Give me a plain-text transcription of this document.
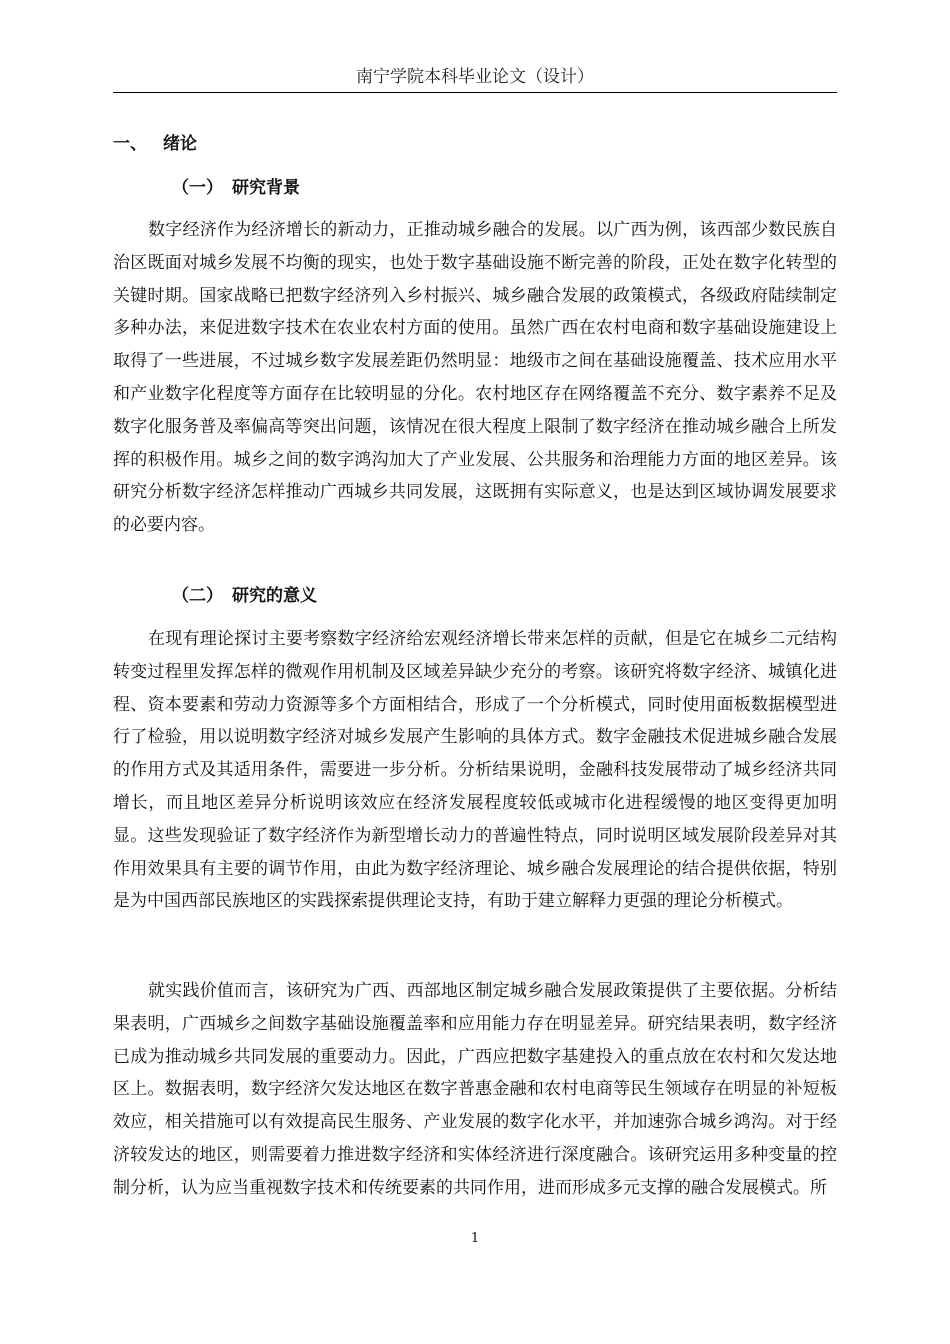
南宁学院本科毕业论文（设计）
一、 绪论
（一） 研究背景

数字经济作为经济增长的新动力，正推动城乡融合的发展。以广西为例，该西部少数民族自治区既面对城乡发展不均衡的现实，也处于数字基础设施不断完善的阶段，正处在数字化转型的关键时期。国家战略已把数字经济列入乡村振兴、城乡融合发展的政策模式，各级政府陆续制定多种办法，来促进数字技术在农业农村方面的使用。虽然广西在农村电商和数字基础设施建设上取得了一些进展，不过城乡数字发展差距仍然明显：地级市之间在基础设施覆盖、技术应用水平和产业数字化程度等方面存在比较明显的分化。农村地区存在网络覆盖不充分、数字素养不足及数字化服务普及率偏高等突出问题，该情况在很大程度上限制了数字经济在推动城乡融合上所发挥的积极作用。城乡之间的数字鸿沟加大了产业发展、公共服务和治理能力方面的地区差异。该研究分析数字经济怎样推动广西城乡共同发展，这既拥有实际意义，也是达到区域协调发展要求的必要内容。

（二） 研究的意义

在现有理论探讨主要考察数字经济给宏观经济增长带来怎样的贡献，但是它在城乡二元结构转变过程里发挥怎样的微观作用机制及区域差异缺少充分的考察。该研究将数字经济、城镇化进程、资本要素和劳动力资源等多个方面相结合，形成了一个分析模式，同时使用面板数据模型进行了检验，用以说明数字经济对城乡发展产生影响的具体方式。数字金融技术促进城乡融合发展的作用方式及其适用条件，需要进一步分析。分析结果说明，金融科技发展带动了城乡经济共同增长，而且地区差异分析说明该效应在经济发展程度较低或城市化进程缓慢的地区变得更加明显。这些发现验证了数字经济作为新型增长动力的普遍性特点，同时说明区域发展阶段差异对其作用效果具有主要的调节作用，由此为数字经济理论、城乡融合发展理论的结合提供依据，特别是为中国西部民族地区的实践探索提供理论支持，有助于建立解释力更强的理论分析模式。

就实践价值而言，该研究为广西、西部地区制定城乡融合发展政策提供了主要依据。分析结果表明，广西城乡之间数字基础设施覆盖率和应用能力存在明显差异。研究结果表明，数字经济已成为推动城乡共同发展的重要动力。因此，广西应把数字基建投入的重点放在农村和欠发达地区上。数据表明，数字经济欠发达地区在数字普惠金融和农村电商等民生领域存在明显的补短板效应，相关措施可以有效提高民生服务、产业发展的数字化水平，并加速弥合城乡鸿沟。对于经济较发达的地区，则需要着力推进数字经济和实体经济进行深度融合。该研究运用多种变量的控制分析，认为应当重视数字技术和传统要素的共同作用，进而形成多元支撑的融合发展模式。所

1
